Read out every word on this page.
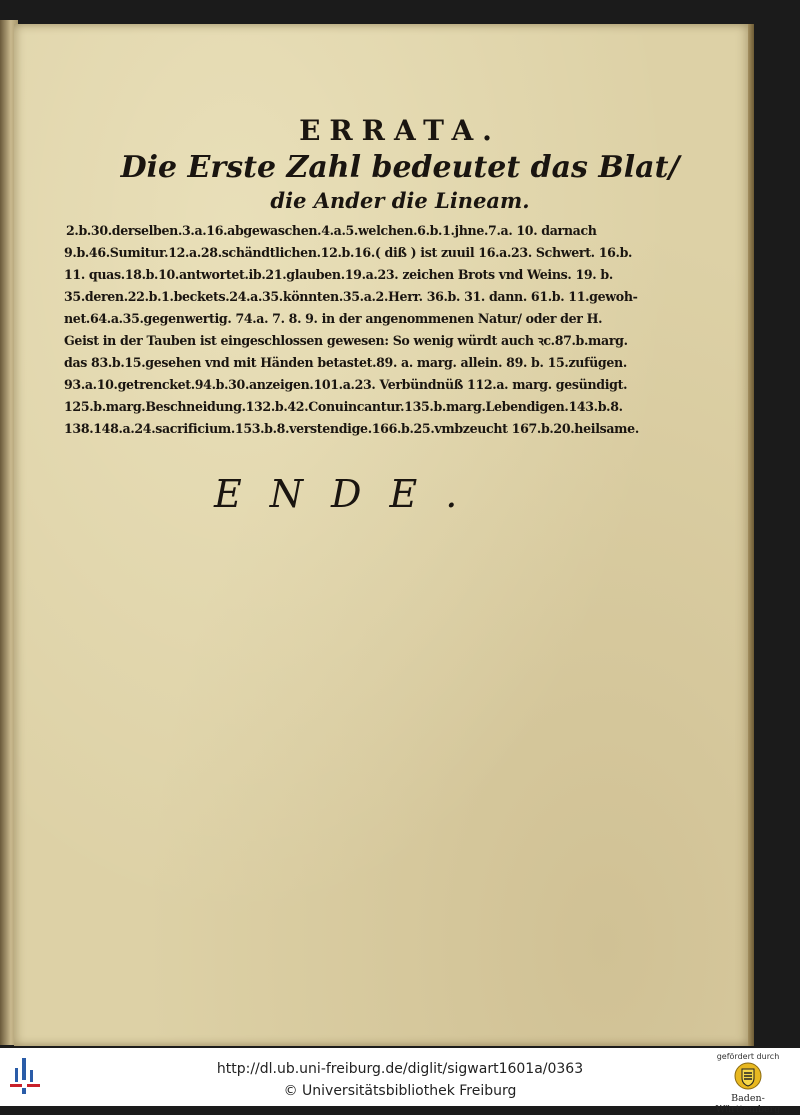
ERRATA.
Die Erste Zahl bedeutet das Blat/
die Ander die Lineam.
2.b.30.derselben.3.a.16.abgewaschen.4.a.5.welchen.6.b.1.jhne.7.a. 10. darnach
9.b.46.Sumitur.12.a.28.schändtlichen.12.b.16.( diß ) ist zuuil 16.a.23. Schwert. 16.b.
11. quas.18.b.10.antwortet.ib.21.glauben.19.a.23. zeichen Brots vnd Weins. 19. b.
35.deren.22.b.1.beckets.24.a.35.könnten.35.a.2.Herr. 36.b. 31. dann. 61.b. 11.gewoh-
net.64.a.35.gegenwertig. 74.a. 7. 8. 9. in der angenommenen Natur/ oder der H.
Geist in der Tauben ist eingeschlossen gewesen: So wenig würdt auch ꝛc.87.b.marg.
das 83.b.15.gesehen vnd mit Händen betastet.89. a. marg. allein. 89. b. 15.zufügen.
93.a.10.getrencket.94.b.30.anzeigen.101.a.23. Verbündnüß 112.a. marg. gesündigt.
125.b.marg.Beschneidung.132.b.42.Conuincantur.135.b.marg.Lebendigen.143.b.8.
138.148.a.24.sacrificium.153.b.8.verstendige.166.b.25.vmbzeucht 167.b.20.heilsame.
ENDE.
http://dl.ub.uni-freiburg.de/diglit/sigwart1601a/0363
© Universitätsbibliothek Freiburg
gefördert durch
Baden-Württemberg
